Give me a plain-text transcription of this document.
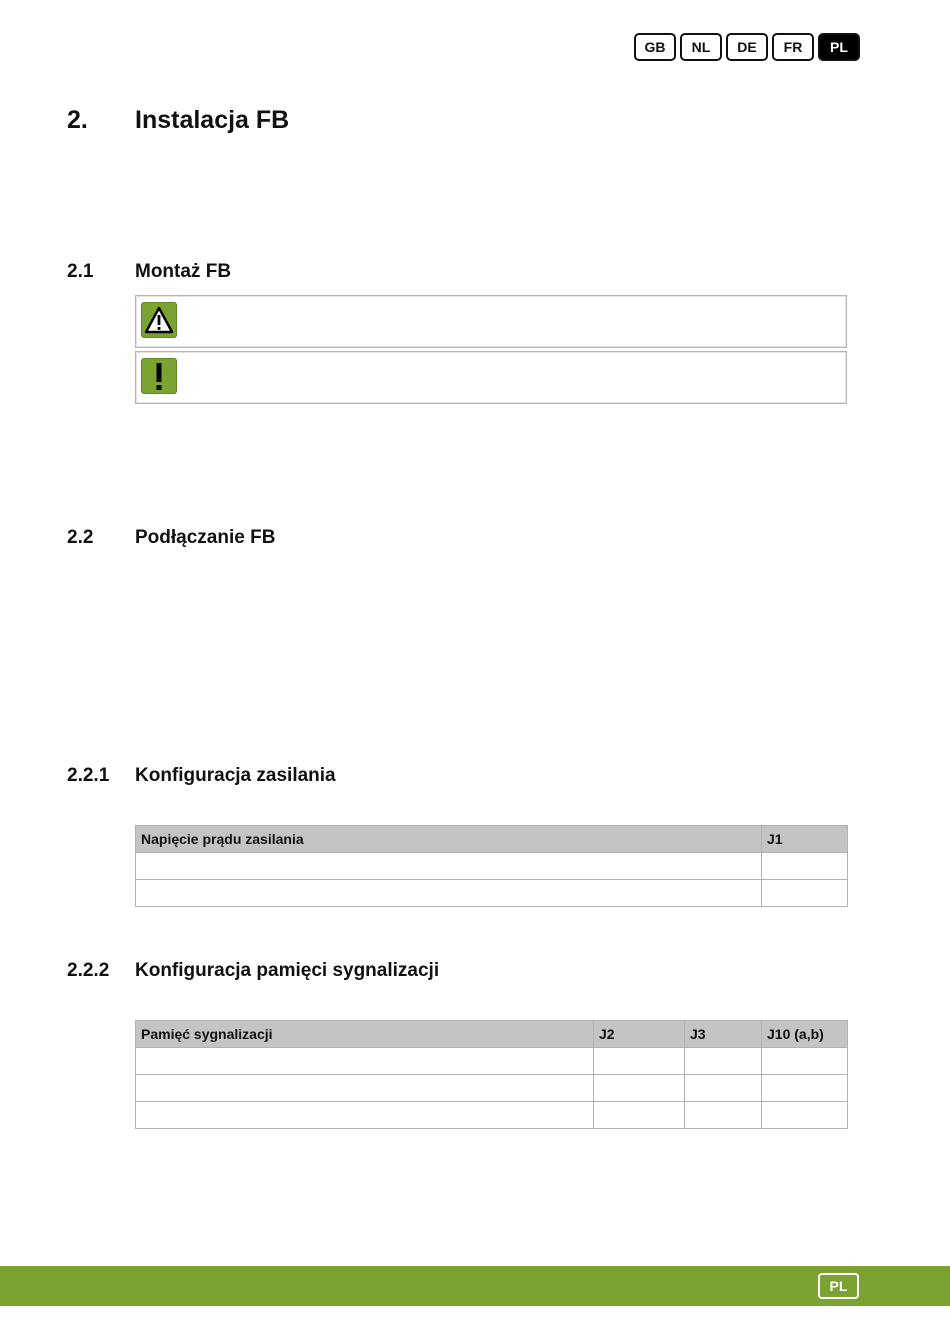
GB	NL	DE	FR	PL
2. Instalacja FB
2.1 Montaż FB
2.2 Podłączanie FB
2.2.1 Konfiguracja zasilania
Napięcie prądu zasilania	J1

2.2.2 Konfiguracja pamięci sygnalizacji
Pamięć sygnalizacji	J2	J3	J10 (a,b)

PL
